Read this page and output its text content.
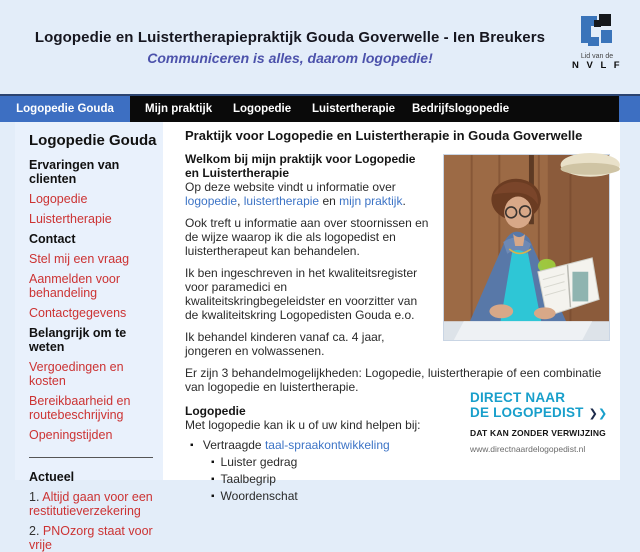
Logopedie en Luistertherapiepraktijk Gouda Goverwelle - Ien Breukers
Communiceren is alles, daarom logopedie!	Lid van de
N V L F
Logopedie Gouda	Mijn praktijk Logopedie Luistertherapie Bedrijfslogopedie
Logopedie Gouda
Ervaringen van clienten
Logopedie
Luistertherapie
Contact
Stel mij een vraag
Aanmelden voor behandeling
Contactgegevens
Belangrijk om te weten
Vergoedingen en kosten
Bereikbaarheid en routebeschrijving
Openingstijden
Actueel
1. Altijd gaan voor een restitutieverzekering
2. PNOzorg staat voor vrije
Praktijk voor Logopedie en Luistertherapie in Gouda Goverwelle

Welkom bij mijn praktijk voor Logopedie en Luistertherapie

Op deze website vindt u informatie over logopedie, luistertherapie en mijn praktijk.

Ook treft u informatie aan over stoornissen en de wijze waarop ik die als logopedist en luistertherapeut kan behandelen.

Ik ben ingeschreven in het kwaliteitsregister voor paramedici en kwaliteitskringbegeleidster en voorzitter van de kwaliteitskring Logopedisten Gouda e.o.

Ik behandel kinderen vanaf ca. 4 jaar, jongeren en volwassenen.

Er zijn 3 behandelmogelijkheden: Logopedie, luistertherapie of een combinatie van logopedie en luistertherapie.

Logopedie

Met logopedie kan ik u of uw kind helpen bij:

▪ Vertraagde taal-spraakontwikkeling
▪ Luister gedrag
▪ Taalbegrip
▪ Woordenschat
DIRECT NAAR
DE LOGOPEDIST ❯❯
DAT KAN ZONDER VERWIJZING
www.directnaardelogopedist.nl
